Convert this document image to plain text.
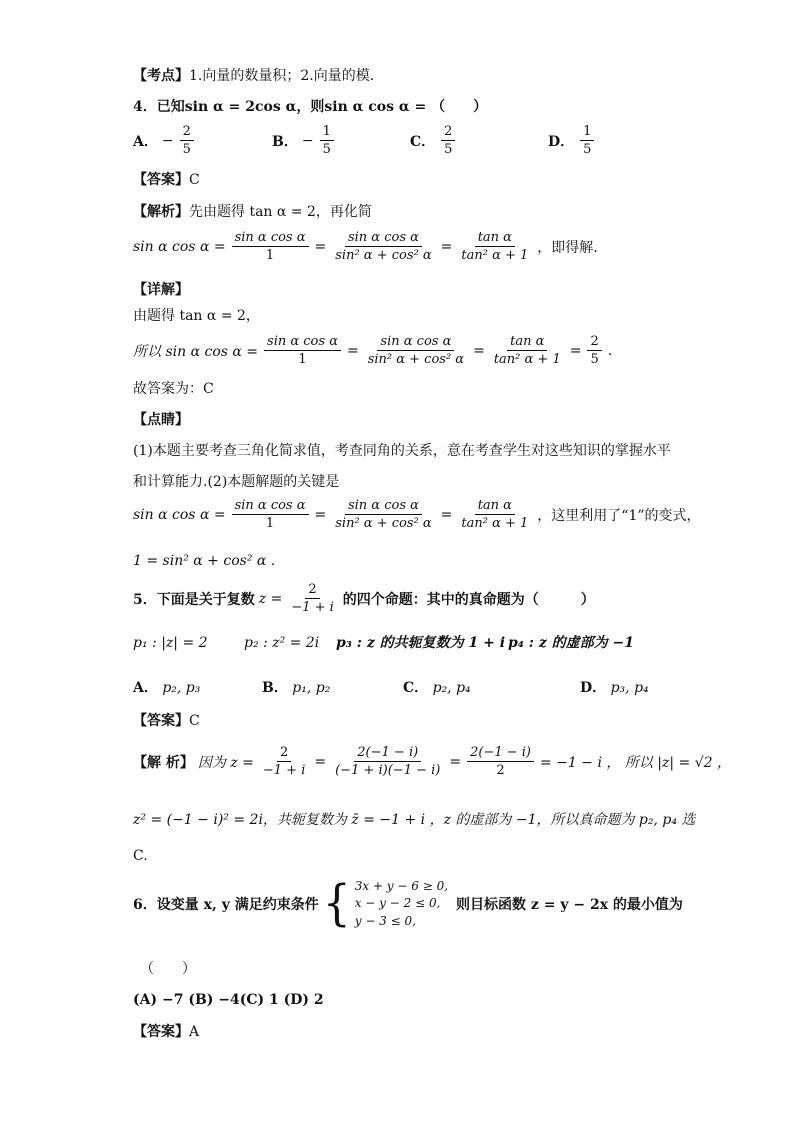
【考点】1.向量的数量积；2.向量的模．
4．已知sin α = 2cos α，则sin α cos α = （　　）
A． − $\frac{2}{5}$	B． − $\frac{1}{5}$	C． $\frac{2}{5}$	D． $\frac{1}{5}$
【答案】C
【解析】先由题得 tan α = 2，再化简
sin α $\cos \alpha = \frac{\text{sin α cos α}}{1} = \frac{\text{sin α cos α}}{\text{sin² α + cos² α}} = \frac{\text{tan α}}{\text{tan² α + 1}}$ ，即得解.
【详解】
由题得 tan α = 2，
所以 sin α $\cos \alpha = \frac{\text{sin α cos α}}{1} = \frac{\text{sin α cos α}}{\text{sin² α + cos² α}} = \frac{\text{tan α}}{\text{tan² α + 1}} = \frac{2}{5}$ .
故答案为：C
【点睛】
(1)本题主要考查三角化简求值，考查同角的关系，意在考查学生对这些知识的掌握水平
和计算能力.(2)本题解题的关键是
sin α $\cos \alpha = \frac{\text{sin α cos α}}{1} = \frac{\text{sin α cos α}}{\text{sin² α + cos² α}} = \frac{\text{tan α}}{\text{tan² α + 1}}$ ，这里利用了“1”的变式，
1 = sin² α + cos² α .
5．下面是关于复数 $z = \frac{2}{-1 + i}$ 的四个命题：其中的真命题为（　　　）
p₁ : |z| = 2	p₂ : z² = 2i p₃ : z 的共轭复数为 1 + i p₄ : z 的虚部为 −1
A． p₂, p₃	B． p₁, p₂	C． p₂, p₄	D． p₃, p₄
【答案】C
【解 析】 因为 $z = \frac{2}{-1 + i} = \frac{2(-1 - i)}{(-1 + i)(-1 - i)} = \frac{2(-1 - i)}{2} = -1 - i$ ， 所以 |z| = √2 ，
z² = (−1 − i)² = 2i，共轭复数为 z̄ = −1 + i ，z 的虚部为 −1，所以真命题为 p₂, p₄ 选
C.
6．设变量 x, y 满足约束条件 { 3x + y − 6 ≥ 0,
x − y − 2 ≤ 0,
y − 3 ≤ 0,
则目标函数 z = y − 2x 的最小值为
（　　）
(A) −7 (B) −4(C) 1 (D) 2
【答案】A
